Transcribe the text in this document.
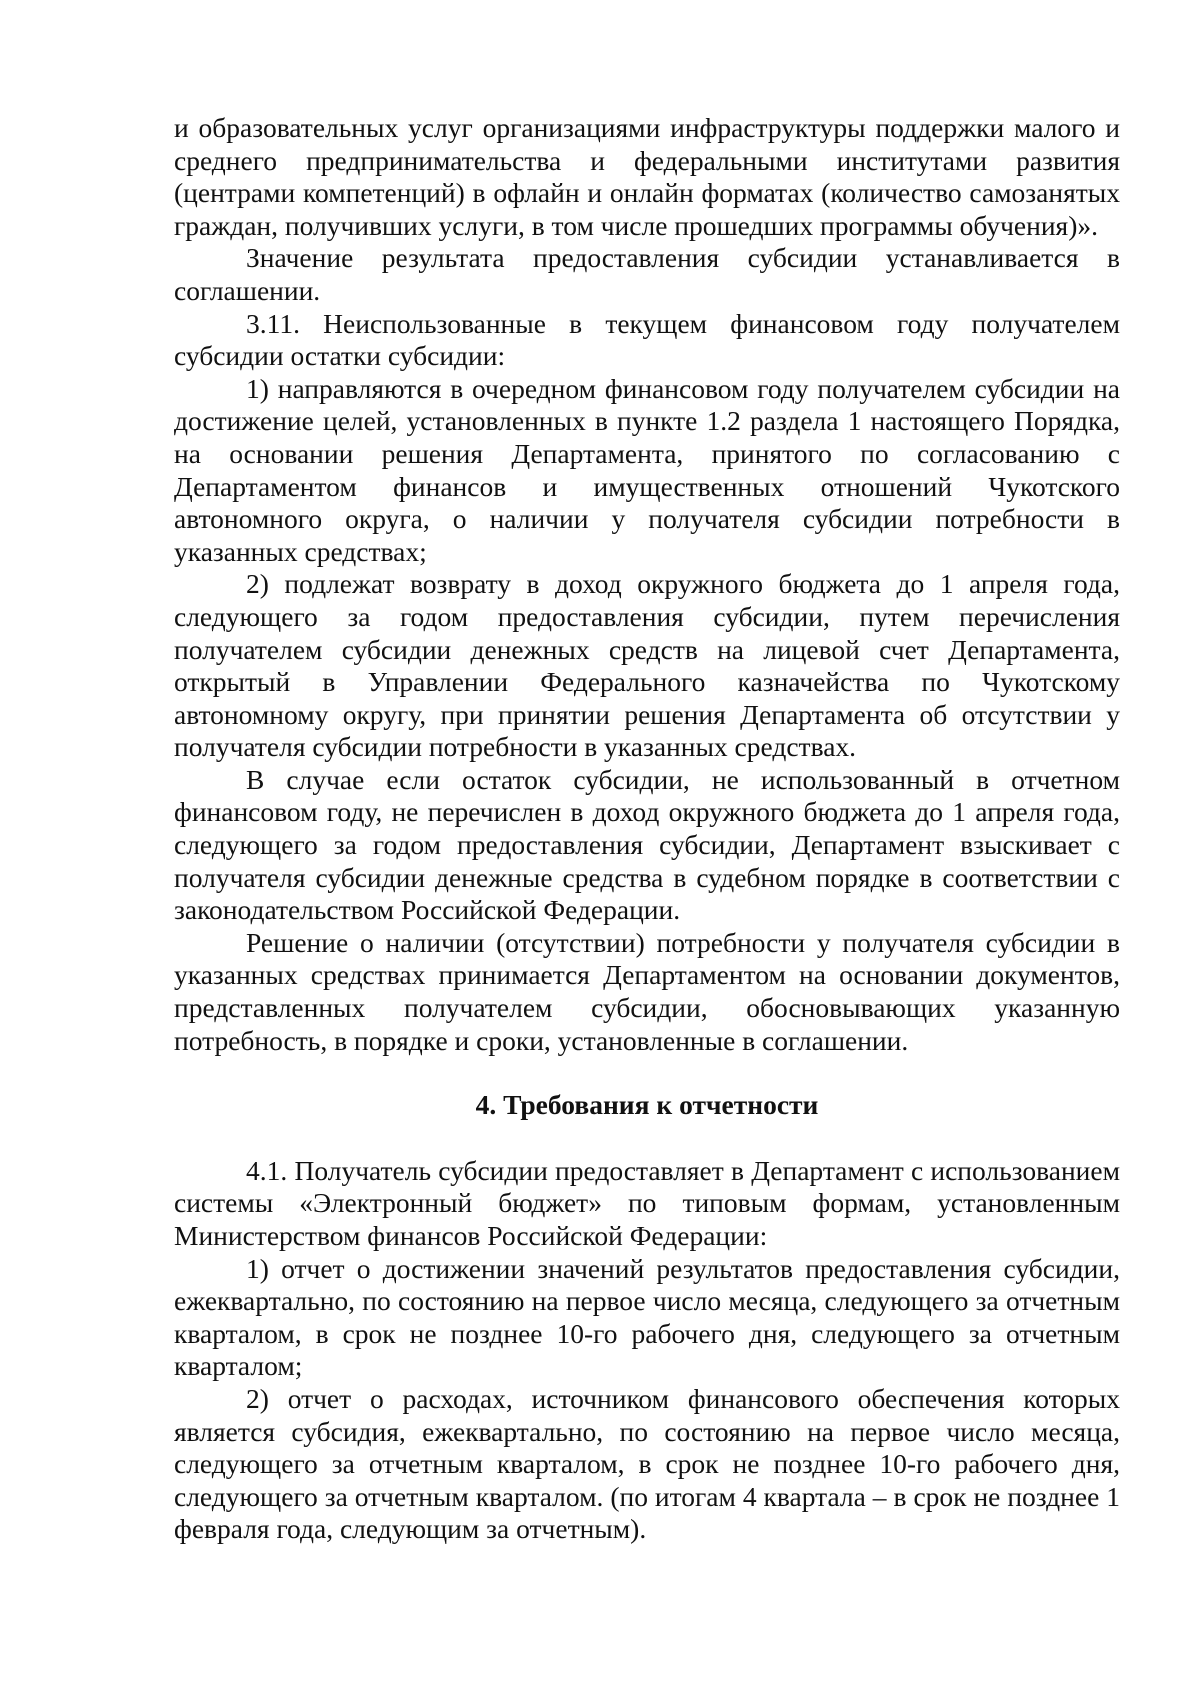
и образовательных услуг организациями инфраструктуры поддержки малого и среднего предпринимательства и федеральными институтами развития (центрами компетенций) в офлайн и онлайн форматах (количество самозанятых граждан, получивших услуги, в том числе прошедших программы обучения)».

Значение результата предоставления субсидии устанавливается в соглашении.

3.11. Неиспользованные в текущем финансовом году получателем субсидии остатки субсидии:

1) направляются в очередном финансовом году получателем субсидии на достижение целей, установленных в пункте 1.2 раздела 1 настоящего Порядка, на основании решения Департамента, принятого по согласованию с Департаментом финансов и имущественных отношений Чукотского автономного округа, о наличии у получателя субсидии потребности в указанных средствах;

2) подлежат возврату в доход окружного бюджета до 1 апреля года, следующего за годом предоставления субсидии, путем перечисления получателем субсидии денежных средств на лицевой счет Департамента, открытый в Управлении Федерального казначейства по Чукотскому автономному округу, при принятии решения Департамента об отсутствии у получателя субсидии потребности в указанных средствах.

В случае если остаток субсидии, не использованный в отчетном финансовом году, не перечислен в доход окружного бюджета до 1 апреля года, следующего за годом предоставления субсидии, Департамент взыскивает с получателя субсидии денежные средства в судебном порядке в соответствии с законодательством Российской Федерации.

Решение о наличии (отсутствии) потребности у получателя субсидии в указанных средствах принимается Департаментом на основании документов, представленных получателем субсидии, обосновывающих указанную потребность, в порядке и сроки, установленные в соглашении.

4. Требования к отчетности

4.1. Получатель субсидии предоставляет в Департамент с использованием системы «Электронный бюджет» по типовым формам, установленным Министерством финансов Российской Федерации:

1) отчет о достижении значений результатов предоставления субсидии, ежеквартально, по состоянию на первое число месяца, следующего за отчетным кварталом, в срок не позднее 10-го рабочего дня, следующего за отчетным кварталом;

2) отчет о расходах, источником финансового обеспечения которых является субсидия, ежеквартально, по состоянию на первое число месяца, следующего за отчетным кварталом, в срок не позднее 10-го рабочего дня, следующего за отчетным кварталом. (по итогам 4 квартала – в срок не позднее 1 февраля года, следующим за отчетным).
